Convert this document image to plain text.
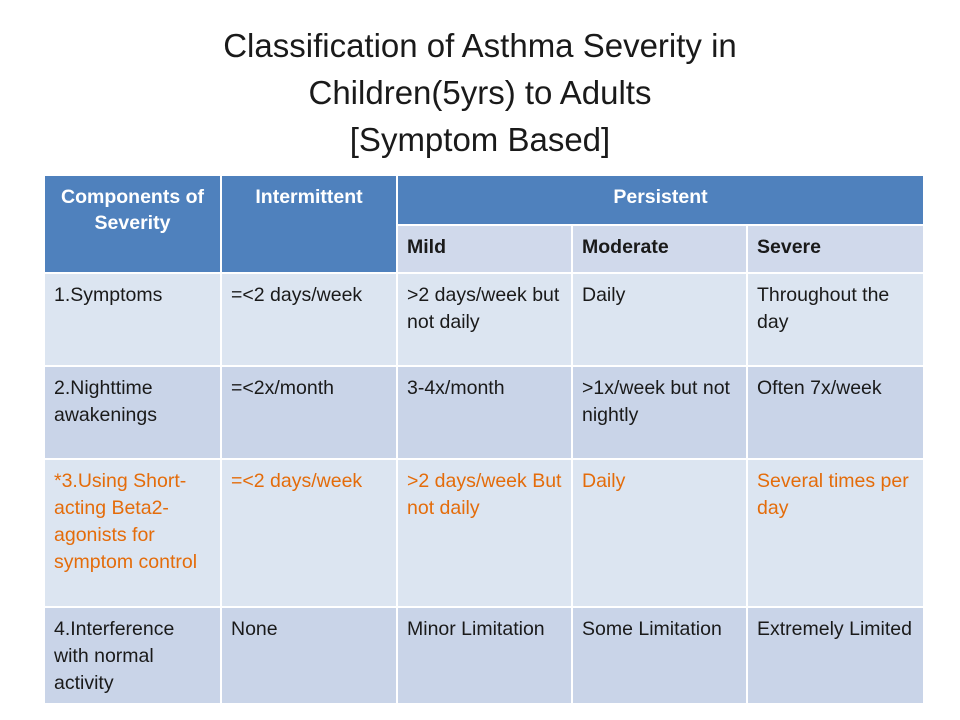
Classification of Asthma Severity in
Children(5yrs) to Adults
[Symptom Based]
Components of Severity	Intermittent	Persistent		
		Mild	Moderate	Severe
1.Symptoms	=<2 days/week	>2 days/week but not daily	Daily	Throughout the day
2.Nighttime awakenings	=<2x/month	3-4x/month	>1x/week but not nightly	Often 7x/week
*3.Using Short-acting Beta2-agonists for symptom control	=<2 days/week	>2 days/week But not daily	Daily	Several times per day
4.Interference with normal activity	None	Minor Limitation	Some Limitation	Extremely Limited
